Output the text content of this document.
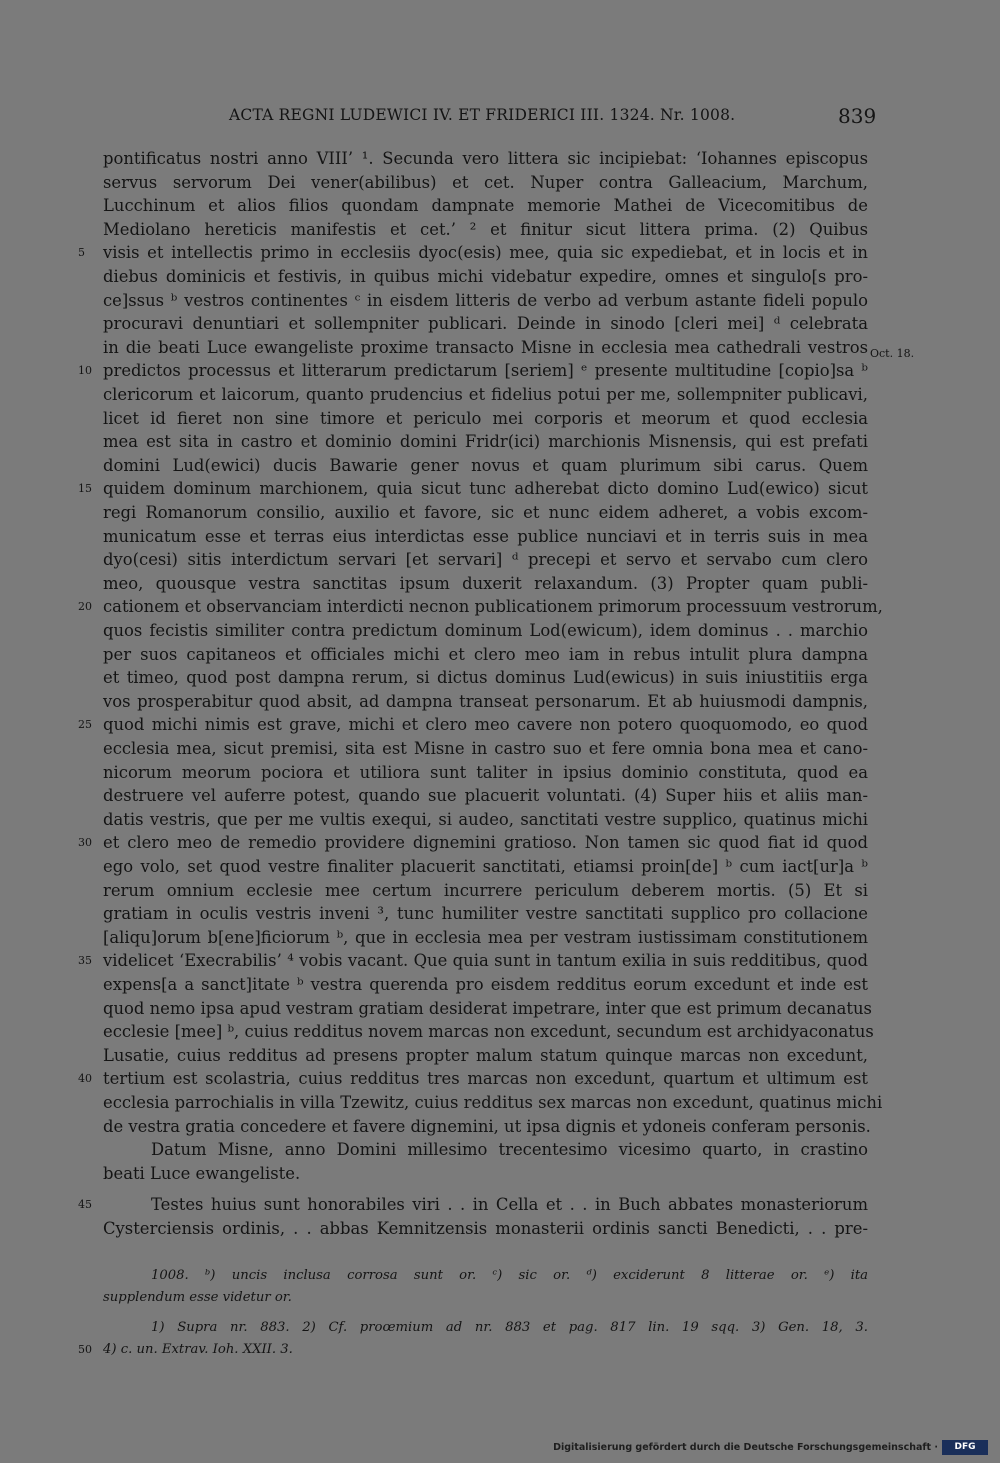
ACTA REGNI LUDEWICI IV. ET FRIDERICI III. 1324. Nr. 1008.	839
Oct. 18.
pontificatus nostri anno VIII’ ¹. Secunda vero littera sic incipiebat: ‘Iohannes episcopus
servus servorum Dei vener(abilibus) et cet. Nuper contra Galleacium, Marchum,
Lucchinum et alios filios quondam dampnate memorie Mathei de Vicecomitibus de
Mediolano hereticis manifestis et cet.’ ² et finitur sicut littera prima. (2) Quibus
visis et intellectis primo in ecclesiis dyoc(esis) mee, quia sic expediebat, et in locis et in
5
diebus dominicis et festivis, in quibus michi videbatur expedire, omnes et singulo[s pro-
ce]ssus ᵇ vestros continentes ᶜ in eisdem litteris de verbo ad verbum astante fideli populo
procuravi denuntiari et sollempniter publicari. Deinde in sinodo [cleri mei] ᵈ celebrata
in die beati Luce ewangeliste proxime transacto Misne in ecclesia mea cathedrali vestros
predictos processus et litterarum predictarum [seriem] ᵉ presente multitudine [copio]sa ᵇ
10
clericorum et laicorum, quanto prudencius et fidelius potui per me, sollempniter publicavi,
licet id fieret non sine timore et periculo mei corporis et meorum et quod ecclesia
mea est sita in castro et dominio domini Fridr(ici) marchionis Misnensis, qui est prefati
domini Lud(ewici) ducis Bawarie gener novus et quam plurimum sibi carus. Quem
quidem dominum marchionem, quia sicut tunc adherebat dicto domino Lud(ewico) sicut
15
regi Romanorum consilio, auxilio et favore, sic et nunc eidem adheret, a vobis excom-
municatum esse et terras eius interdictas esse publice nunciavi et in terris suis in mea
dyo(cesi) sitis interdictum servari [et servari] ᵈ precepi et servo et servabo cum clero
meo, quousque vestra sanctitas ipsum duxerit relaxandum. (3) Propter quam publi-
cationem et observanciam interdicti necnon publicationem primorum processuum vestrorum,
20
quos fecistis similiter contra predictum dominum Lod(ewicum), idem dominus . . marchio
per suos capitaneos et officiales michi et clero meo iam in rebus intulit plura dampna
et timeo, quod post dampna rerum, si dictus dominus Lud(ewicus) in suis iniustitiis erga
vos prosperabitur quod absit, ad dampna transeat personarum. Et ab huiusmodi dampnis,
quod michi nimis est grave, michi et clero meo cavere non potero quoquomodo, eo quod
25
ecclesia mea, sicut premisi, sita est Misne in castro suo et fere omnia bona mea et cano-
nicorum meorum pociora et utiliora sunt taliter in ipsius dominio constituta, quod ea
destruere vel auferre potest, quando sue placuerit voluntati. (4) Super hiis et aliis man-
datis vestris, que per me vultis exequi, si audeo, sanctitati vestre supplico, quatinus michi
et clero meo de remedio providere dignemini gratioso. Non tamen sic quod fiat id quod
30
ego volo, set quod vestre finaliter placuerit sanctitati, etiamsi proin[de] ᵇ cum iact[ur]a ᵇ
rerum omnium ecclesie mee certum incurrere periculum deberem mortis. (5) Et si
gratiam in oculis vestris inveni ³, tunc humiliter vestre sanctitati supplico pro collacione
[aliqu]orum b[ene]ficiorum ᵇ, que in ecclesia mea per vestram iustissimam constitutionem
videlicet ‘Execrabilis’ ⁴ vobis vacant. Que quia sunt in tantum exilia in suis redditibus, quod
35
expens[a a sanct]itate ᵇ vestra querenda pro eisdem redditus eorum excedunt et inde est
quod nemo ipsa apud vestram gratiam desiderat impetrare, inter que est primum decanatus
ecclesie [mee] ᵇ, cuius redditus novem marcas non excedunt, secundum est archidyaconatus
Lusatie, cuius redditus ad presens propter malum statum quinque marcas non excedunt,
tertium est scolastria, cuius redditus tres marcas non excedunt, quartum et ultimum est
40
ecclesia parrochialis in villa Tzewitz, cuius redditus sex marcas non excedunt, quatinus michi
de vestra gratia concedere et favere dignemini, ut ipsa dignis et ydoneis conferam personis.
Datum Misne, anno Domini millesimo trecentesimo vicesimo quarto, in crastino
beati Luce ewangeliste.
Testes huius sunt honorabiles viri . . in Cella et . . in Buch abbates monasteriorum
45
Cysterciensis ordinis, . . abbas Kemnitzensis monasterii ordinis sancti Benedicti, . . pre-
1008. ᵇ) uncis inclusa corrosa sunt or. ᶜ) sic or. ᵈ) exciderunt 8 litterae or. ᵉ) ita
supplendum esse videtur or.
1) Supra nr. 883. 2) Cf. proœmium ad nr. 883 et pag. 817 lin. 19 sqq. 3) Gen. 18, 3.
4) c. un. Extrav. Ioh. XXII. 3.
50
Digitalisierung gefördert durch die Deutsche Forschungsgemeinschaft ·	DFG
